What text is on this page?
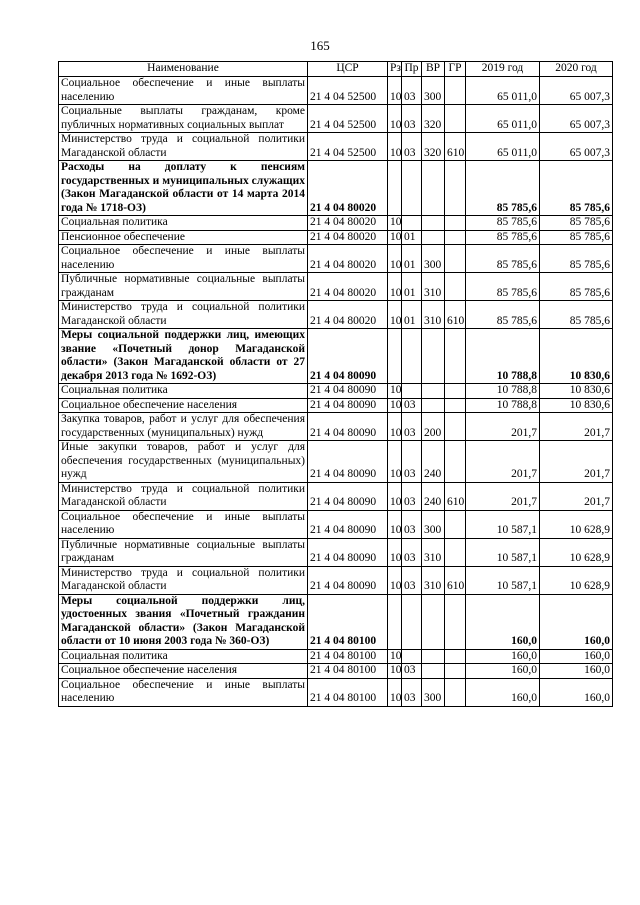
165
Наименование	ЦСР	Рз	Пр	ВР	ГР	2019 год	2020 год
Социальное обеспечение и иные выплаты населению	21 4 04 52500	10	03	300		65 011,0	65 007,3
Социальные выплаты гражданам, кроме публичных нормативных социальных выплат	21 4 04 52500	10	03	320		65 011,0	65 007,3
Министерство труда и социальной политики Магаданской области	21 4 04 52500	10	03	320	610	65 011,0	65 007,3
Расходы на доплату к пенсиям государственных и муниципальных служащих (Закон Магаданской области от 14 марта 2014 года № 1718-ОЗ)	21 4 04 80020					85 785,6	85 785,6
Социальная политика	21 4 04 80020	10				85 785,6	85 785,6
Пенсионное обеспечение	21 4 04 80020	10	01			85 785,6	85 785,6
Социальное обеспечение и иные выплаты населению	21 4 04 80020	10	01	300		85 785,6	85 785,6
Публичные нормативные социальные выплаты гражданам	21 4 04 80020	10	01	310		85 785,6	85 785,6
Министерство труда и социальной политики Магаданской области	21 4 04 80020	10	01	310	610	85 785,6	85 785,6
Меры социальной поддержки лиц, имеющих звание «Почетный донор Магаданской области» (Закон Магаданской области от 27 декабря 2013 года № 1692-ОЗ)	21 4 04 80090					10 788,8	10 830,6
Социальная политика	21 4 04 80090	10				10 788,8	10 830,6
Социальное обеспечение населения	21 4 04 80090	10	03			10 788,8	10 830,6
Закупка товаров, работ и услуг для обеспечения государственных (муниципальных) нужд	21 4 04 80090	10	03	200		201,7	201,7
Иные закупки товаров, работ и услуг для обеспечения государственных (муниципальных) нужд	21 4 04 80090	10	03	240		201,7	201,7
Министерство труда и социальной политики Магаданской области	21 4 04 80090	10	03	240	610	201,7	201,7
Социальное обеспечение и иные выплаты населению	21 4 04 80090	10	03	300		10 587,1	10 628,9
Публичные нормативные социальные выплаты гражданам	21 4 04 80090	10	03	310		10 587,1	10 628,9
Министерство труда и социальной политики Магаданской области	21 4 04 80090	10	03	310	610	10 587,1	10 628,9
Меры социальной поддержки лиц, удостоенных звания «Почетный гражданин Магаданской области» (Закон Магаданской области от 10 июня 2003 года № 360-ОЗ)	21 4 04 80100					160,0	160,0
Социальная политика	21 4 04 80100	10				160,0	160,0
Социальное обеспечение населения	21 4 04 80100	10	03			160,0	160,0
Социальное обеспечение и иные выплаты населению	21 4 04 80100	10	03	300		160,0	160,0
